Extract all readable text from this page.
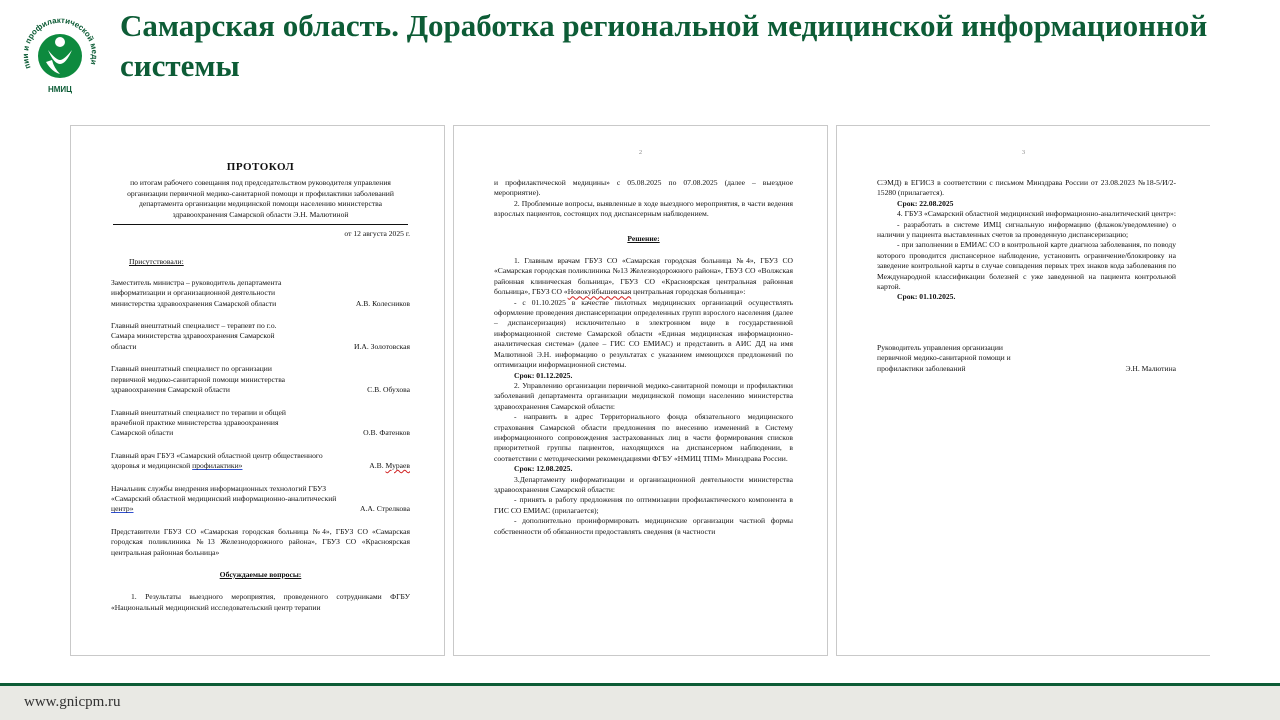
пии и профилактической меди
НМИЦ
Самарская область. Доработка региональной медицинской информационной системы
ПРОТОКОЛ
по итогам рабочего совещания под председательством руководителя управления организации первичной медико-санитарной помощи и профилактики заболеваний департамента организации медицинской помощи населению министерства здравоохранения Самарской области Э.Н. Малютиной
от 12 августа 2025 г.
Присутствовали:
Заместитель министра – руководитель департамента информатизации и организационной деятельности министерства здравоохранения Самарской области	А.В. Колесников
Главный внештатный специалист – терапевт по г.о. Самара министерства здравоохранения Самарской области	И.А. Золотовская
Главный внештатный специалист по организации первичной медико-санитарной помощи министерства здравоохранения Самарской области	С.В. Обухова
Главный внештатный специалист по терапии и общей врачебной практике министерства здравоохранения Самарской области	О.В. Фатенков
Главный врач ГБУЗ «Самарский областной центр общественного здоровья и медицинской профилактики»	А.В. Мураев
Начальник службы внедрения информационных технологий ГБУЗ «Самарский областной медицинский информационно-аналитический центр»	А.А. Стрелкова
Представители ГБУЗ СО «Самарская городская больница №4», ГБУЗ СО «Самарская городская поликлиника №13 Железнодорожного района», ГБУЗ СО «Красноярская центральная районная больница»
Обсуждаемые вопросы:
1. Результаты выездного мероприятия, проведенного сотрудниками ФГБУ «Национальный медицинский исследовательский центр терапии
2
и профилактической медицины» с 05.08.2025 по 07.08.2025 (далее – выездное мероприятие).
2. Проблемные вопросы, выявленные в ходе выездного мероприятия, в части ведения взрослых пациентов, состоящих под диспансерным наблюдением.
Решение:
1. Главным врачам ГБУЗ СО «Самарская городская больница №4», ГБУЗ СО «Самарская городская поликлиника №13 Железнодорожного района», ГБУЗ СО «Волжская районная клиническая больница», ГБУЗ СО «Красноярская центральная районная больница», ГБУЗ СО «Новокуйбышевская центральная городская больница»:
- с 01.10.2025 в качестве пилотных медицинских организаций осуществлять оформление проведения диспансеризации определенных групп взрослого населения (далее – диспансеризация) исключительно в электронном виде в государственной информационной системе Самарской области «Единая медицинская информационно-аналитическая система» (далее – ГИС СО ЕМИАС) и представить в АИС ДД на имя Малютиной Э.Н. информацию о результатах с указанием имеющихся предложений по оптимизации информационной системы.
Срок: 01.12.2025.
2. Управлению организации первичной медико-санитарной помощи и профилактики заболеваний департамента организации медицинской помощи населению министерства здравоохранения Самарской области:
- направить в адрес Территориального фонда обязательного медицинского страхования Самарской области предложения по внесению изменений в Систему информационного сопровождения застрахованных лиц в части формирования списков приоритетной группы пациентов, находящихся на диспансерном наблюдении, в соответствии с методическими рекомендациями ФГБУ «НМИЦ ТПМ» Минздрава России.
Срок: 12.08.2025.
3.Департаменту информатизации и организационной деятельности министерства здравоохранения Самарской области:
- принять в работу предложения по оптимизации профилактического компонента в ГИС СО ЕМИАС (прилагается);
- дополнительно проинформировать медицинские организации частной формы собственности об обязанности предоставлять сведения (в частности
3
СЭМД) в ЕГИСЗ в соответствии с письмом Минздрава России от 23.08.2023 №18-5/И/2-15280 (прилагается).
Срок: 22.08.2025
4. ГБУЗ «Самарский областной медицинский информационно-аналитический центр»:
- разработать в системе ИМЦ сигнальную информацию (флажок/уведомление) о наличии у пациента выставленных счетов за проведенную диспансеризацию;
- при заполнении в ЕМИАС СО в контрольной карте диагноза заболевания, по поводу которого проводится диспансерное наблюдение, установить ограничение/блокировку на заведение контрольной карты в случае совпадения первых трех знаков кода заболевания по Международной классификации болезней с уже заведенной на пациента контрольной картой.
Срок: 01.10.2025.
Руководитель управления организации первичной медико-санитарной помощи и профилактики заболеваний	Э.Н. Малютина
www.gnicpm.ru
